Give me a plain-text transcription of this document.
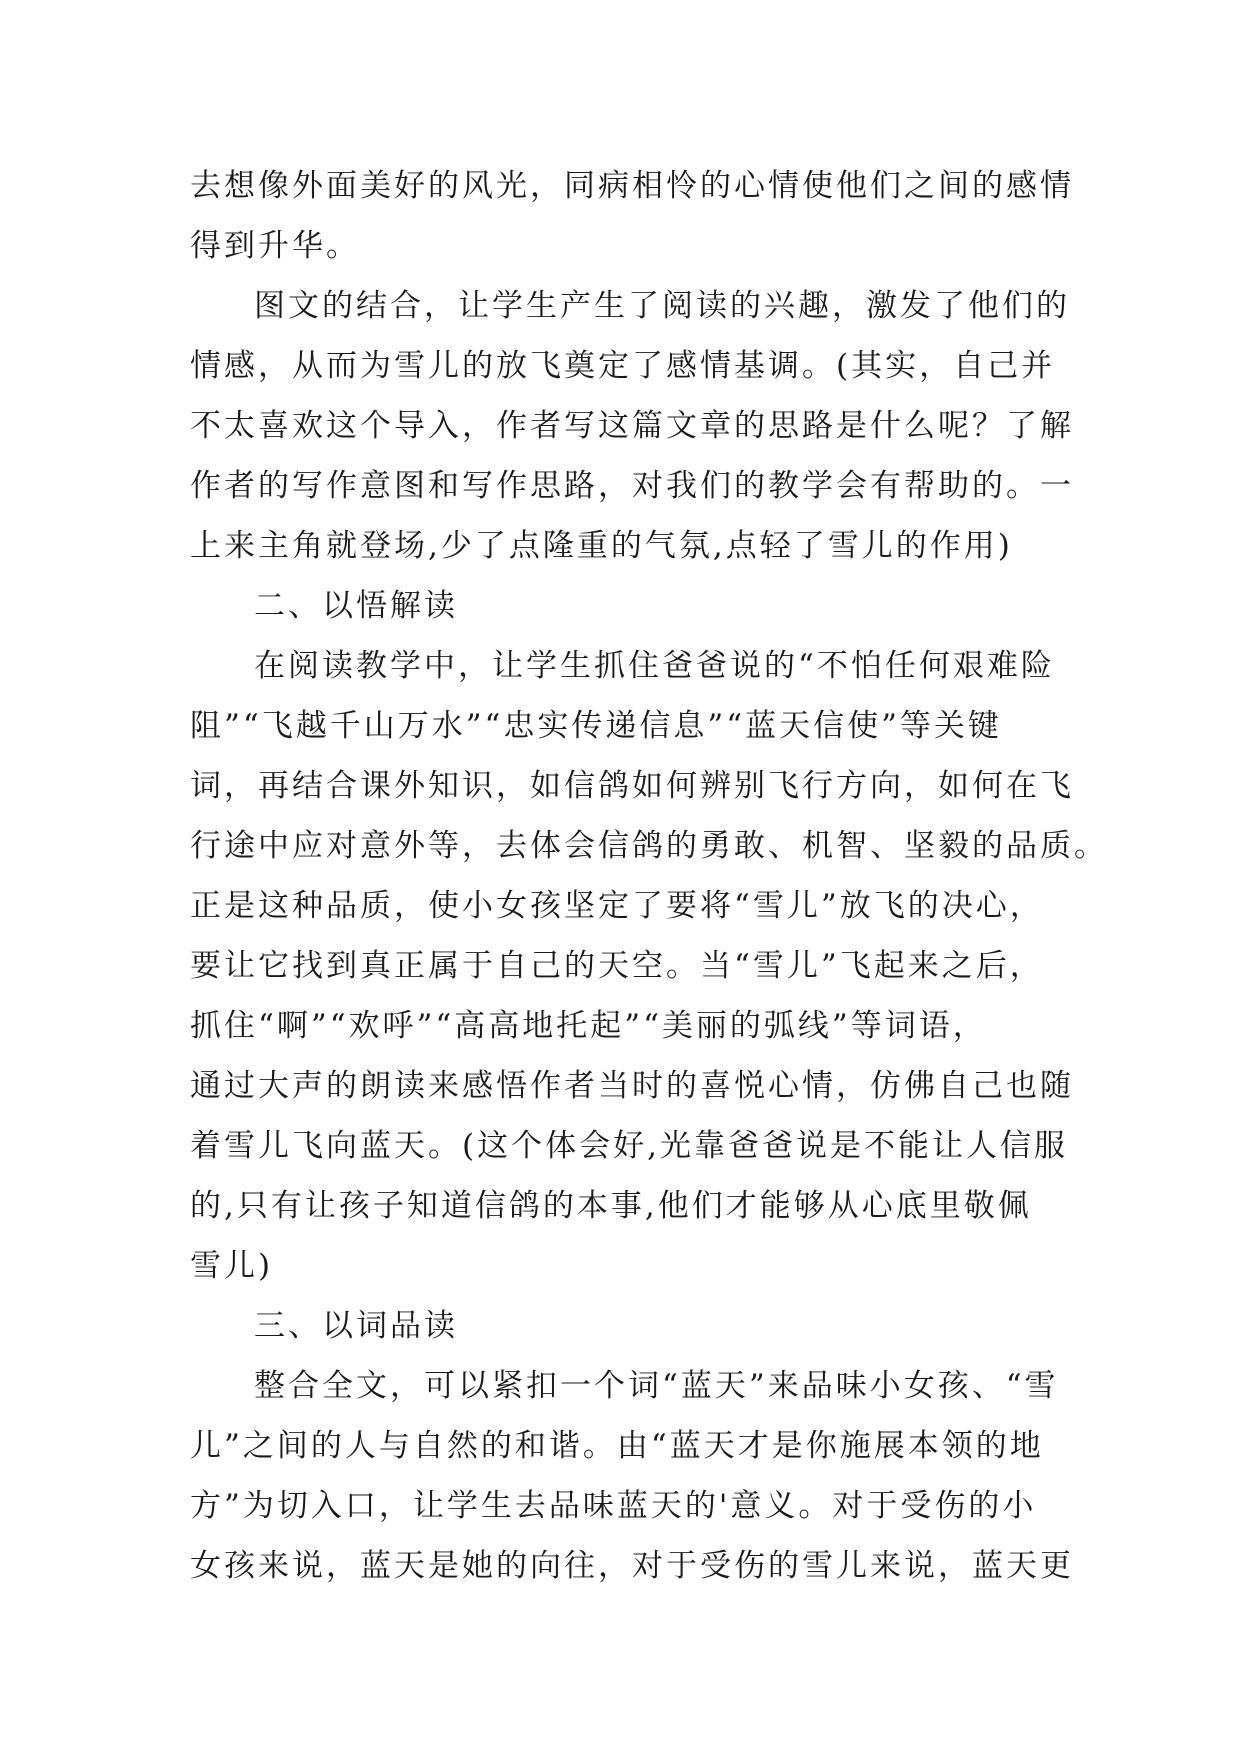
去想像外面美好的风光，同病相怜的心情使他们之间的感情
得到升华。
图文的结合，让学生产生了阅读的兴趣，激发了他们的
情感，从而为雪儿的放飞奠定了感情基调。(其实，自己并
不太喜欢这个导入，作者写这篇文章的思路是什么呢？了解
作者的写作意图和写作思路，对我们的教学会有帮助的。一
上来主角就登场,少了点隆重的气氛,点轻了雪儿的作用)
二、以悟解读
在阅读教学中，让学生抓住爸爸说的“不怕任何艰难险
阻”“飞越千山万水”“忠实传递信息”“蓝天信使”等关键
词，再结合课外知识，如信鸽如何辨别飞行方向，如何在飞
行途中应对意外等，去体会信鸽的勇敢、机智、坚毅的品质。
正是这种品质，使小女孩坚定了要将“雪儿”放飞的决心，
要让它找到真正属于自己的天空。当“雪儿”飞起来之后，
抓住“啊”“欢呼”“高高地托起”“美丽的弧线”等词语，
通过大声的朗读来感悟作者当时的喜悦心情，仿佛自己也随
着雪儿飞向蓝天。(这个体会好,光靠爸爸说是不能让人信服
的,只有让孩子知道信鸽的本事,他们才能够从心底里敬佩
雪儿)
三、以词品读
整合全文，可以紧扣一个词“蓝天”来品味小女孩、“雪
儿”之间的人与自然的和谐。由“蓝天才是你施展本领的地
方”为切入口，让学生去品味蓝天的'意义。对于受伤的小
女孩来说，蓝天是她的向往，对于受伤的雪儿来说，蓝天更
